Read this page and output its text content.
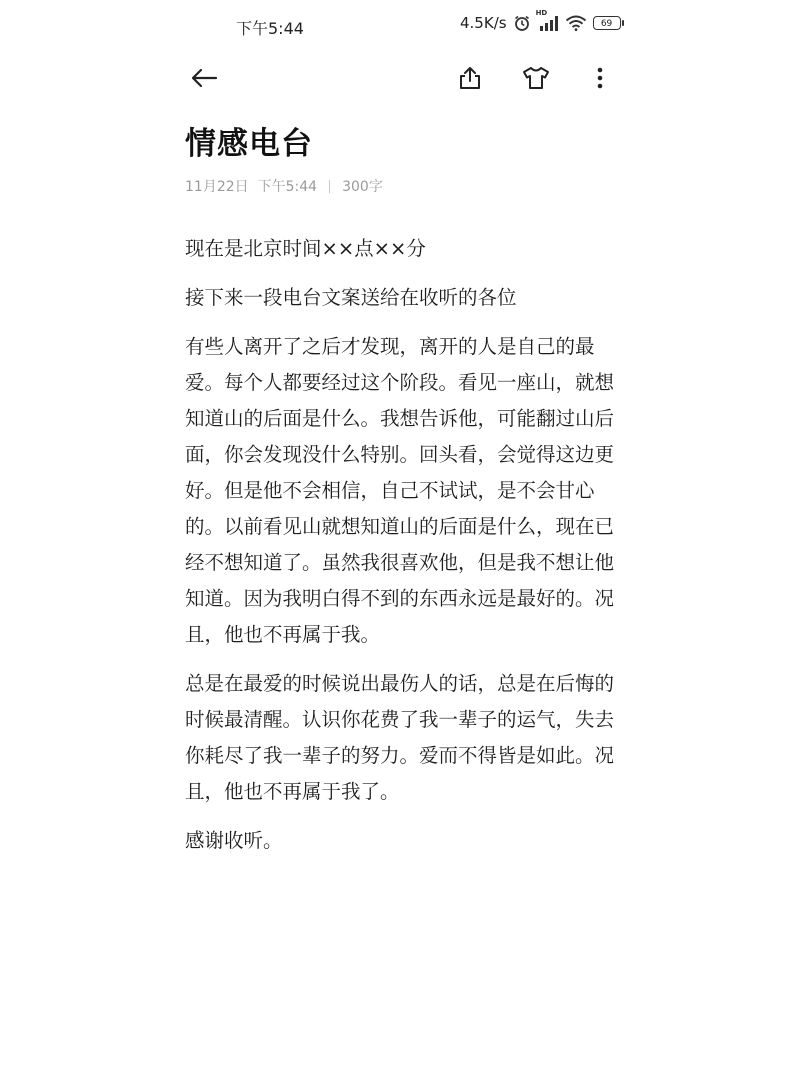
下午5:44	4.5K/s
HD
69
情感电台
11月22日 下午5:44 300字

现在是北京时间××点××分

接下来一段电台文案送给在收听的各位

有些人离开了之后才发现，离开的人是自己的最爱。每个人都要经过这个阶段。看见一座山，就想知道山的后面是什么。我想告诉他，可能翻过山后面，你会发现没什么特别。回头看，会觉得这边更好。但是他不会相信，自己不试试，是不会甘心的。以前看见山就想知道山的后面是什么，现在已经不想知道了。虽然我很喜欢他，但是我不想让他知道。因为我明白得不到的东西永远是最好的。况且，他也不再属于我。

总是在最爱的时候说出最伤人的话，总是在后悔的时候最清醒。认识你花费了我一辈子的运气，失去你耗尽了我一辈子的努力。爱而不得皆是如此。况且，他也不再属于我了。

感谢收听。
